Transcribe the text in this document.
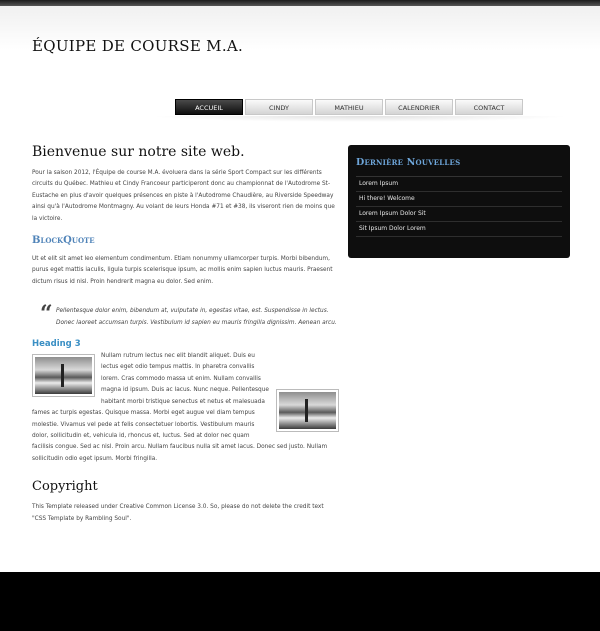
ÉQUIPE DE COURSE M.A.
ACCUEIL	CINDY	MATHIEU	CALENDRIER	CONTACT
Bienvenue sur notre site web.

Pour la saison 2012, l'Équipe de course M.A. évoluera dans la série Sport Compact sur les différents circuits du Québec. Mathieu et Cindy Francoeur participeront donc au championnat de l'Autodrome St-Eustache en plus d'avoir quelques présences en piste à l'Autodrome Chaudière, au Riverside Speedway ainsi qu'à l'Autodrome Montmagny. Au volant de leurs Honda #71 et #38, ils viseront rien de moins que la victoire.

BlockQuote

Ut et elit sit amet leo elementum condimentum. Etiam nonummy ullamcorper turpis. Morbi bibendum, purus eget mattis iaculis, ligula turpis scelerisque ipsum, ac mollis enim sapien luctus mauris. Praesent dictum risus id nisl. Proin hendrerit magna eu dolor. Sed enim.

“ Pellentesque dolor enim, bibendum at, vulputate in, egestas vitae, est. Suspendisse in lectus. Donec laoreet accumsan turpis. Vestibulum id sapien eu mauris fringilla dignissim. Aenean arcu.

Heading 3

Nullam rutrum lectus nec elit blandit aliquet. Duis eu lectus eget odio tempus mattis. In pharetra convallis lorem. Cras commodo massa ut enim. Nullam convallis magna id ipsum. Duis ac lacus. Nunc neque. Pellentesque habitant morbi tristique senectus et netus et malesuada fames ac turpis egestas. Quisque massa. Morbi eget augue vel diam tempus molestie. Vivamus vel pede at felis consectetuer lobortis. Vestibulum mauris dolor, sollicitudin et, vehicula id, rhoncus et, luctus. Sed at dolor nec quam facilisis congue. Sed ac nisl. Proin arcu. Nullam faucibus nulla sit amet lacus. Donec sed justo. Nullam sollicitudin odio eget ipsum. Morbi fringilla.

Copyright

This Template released under Creative Common License 3.0. So, please do not delete the credit text "CSS Template by Rambling Soul".

Dernière Nouvelles
Lorem Ipsum
Hi there! Welcome
Lorem Ipsum Dolor Sit
Sit Ipsum Dolor Lorem
